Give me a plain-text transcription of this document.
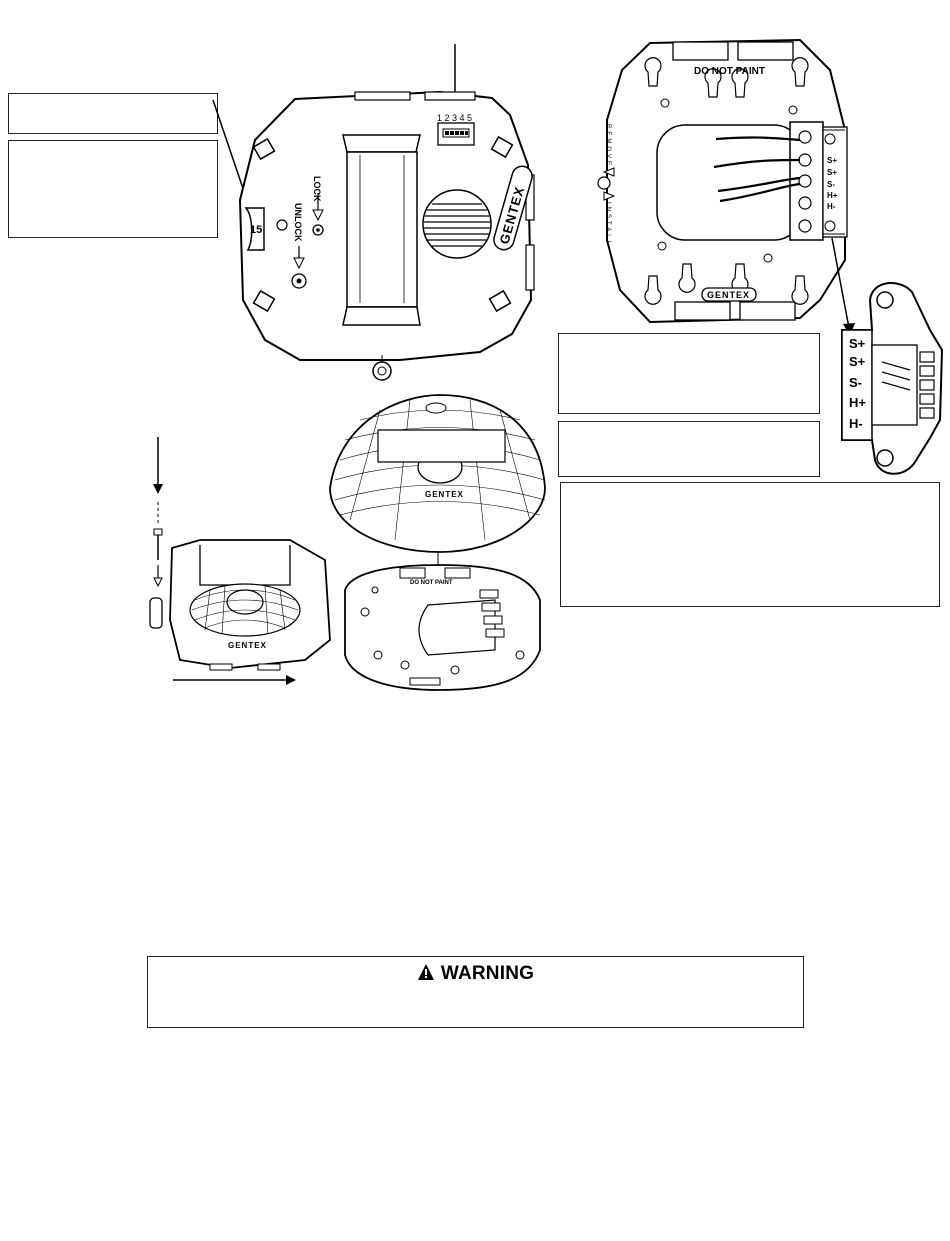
1 2 3 4 5
15
LOCK
UNLOCK	GENTEX
DO NOT PAINT
REMOVE
INSTALL
GENTEX
S+
S+
S-
H+
H-
S+
S+
S-
H+
H-
GENTEX
GENTEX
DO NOT PAINT
WARNING
